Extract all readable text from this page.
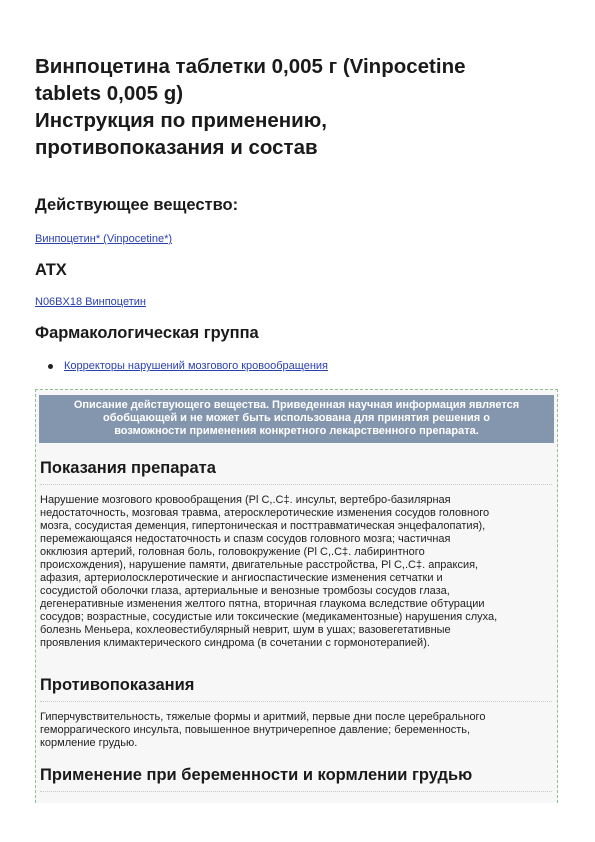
Винпоцетина таблетки 0,005 г (Vinpocetine
tablets 0,005 g)
Инструкция по применению,
противопоказания и состав
Действующее вещество:
Винпоцетин* (Vinpocetine*)
ATX
N06BX18 Винпоцетин
Фармакологическая группа
Корректоры нарушений мозгового кровообращения
Описание действующего вещества. Приведенная научная информация является
обобщающей и не может быть использована для принятия решения о
возможности применения конкретного лекарственного препарата.
Показания препарата
Нарушение мозгового кровообращения (Pl C,.C‡. инсульт, вертебро-базилярная
недостаточность, мозговая травма, атеросклеротические изменения сосудов головного
мозга, сосудистая деменция, гипертоническая и посттравматическая энцефалопатия),
перемежающаяся недостаточность и спазм сосудов головного мозга; частичная
окклюзия артерий, головная боль, головокружение (Pl C,.C‡. лабиринтного
происхождения), нарушение памяти, двигательные расстройства, Pl C,.C‡. апраксия,
афазия, артериолосклеротические и ангиоспастические изменения сетчатки и
сосудистой оболочки глаза, артериальные и венозные тромбозы сосудов глаза,
дегенеративные изменения желтого пятна, вторичная глаукома вследствие обтурации
сосудов; возрастные, сосудистые или токсические (медикаментозные) нарушения слуха,
болезнь Меньера, кохлеовестибулярный неврит, шум в ушах; вазовегетативные
проявления климактерического синдрома (в сочетании с гормонотерапией).
Противопоказания
Гиперчувствительность, тяжелые формы и аритмий, первые дни после церебрального
геморрагического инсульта, повышенное внутричерепное давление; беременность,
кормление грудью.
Применение при беременности и кормлении грудью
